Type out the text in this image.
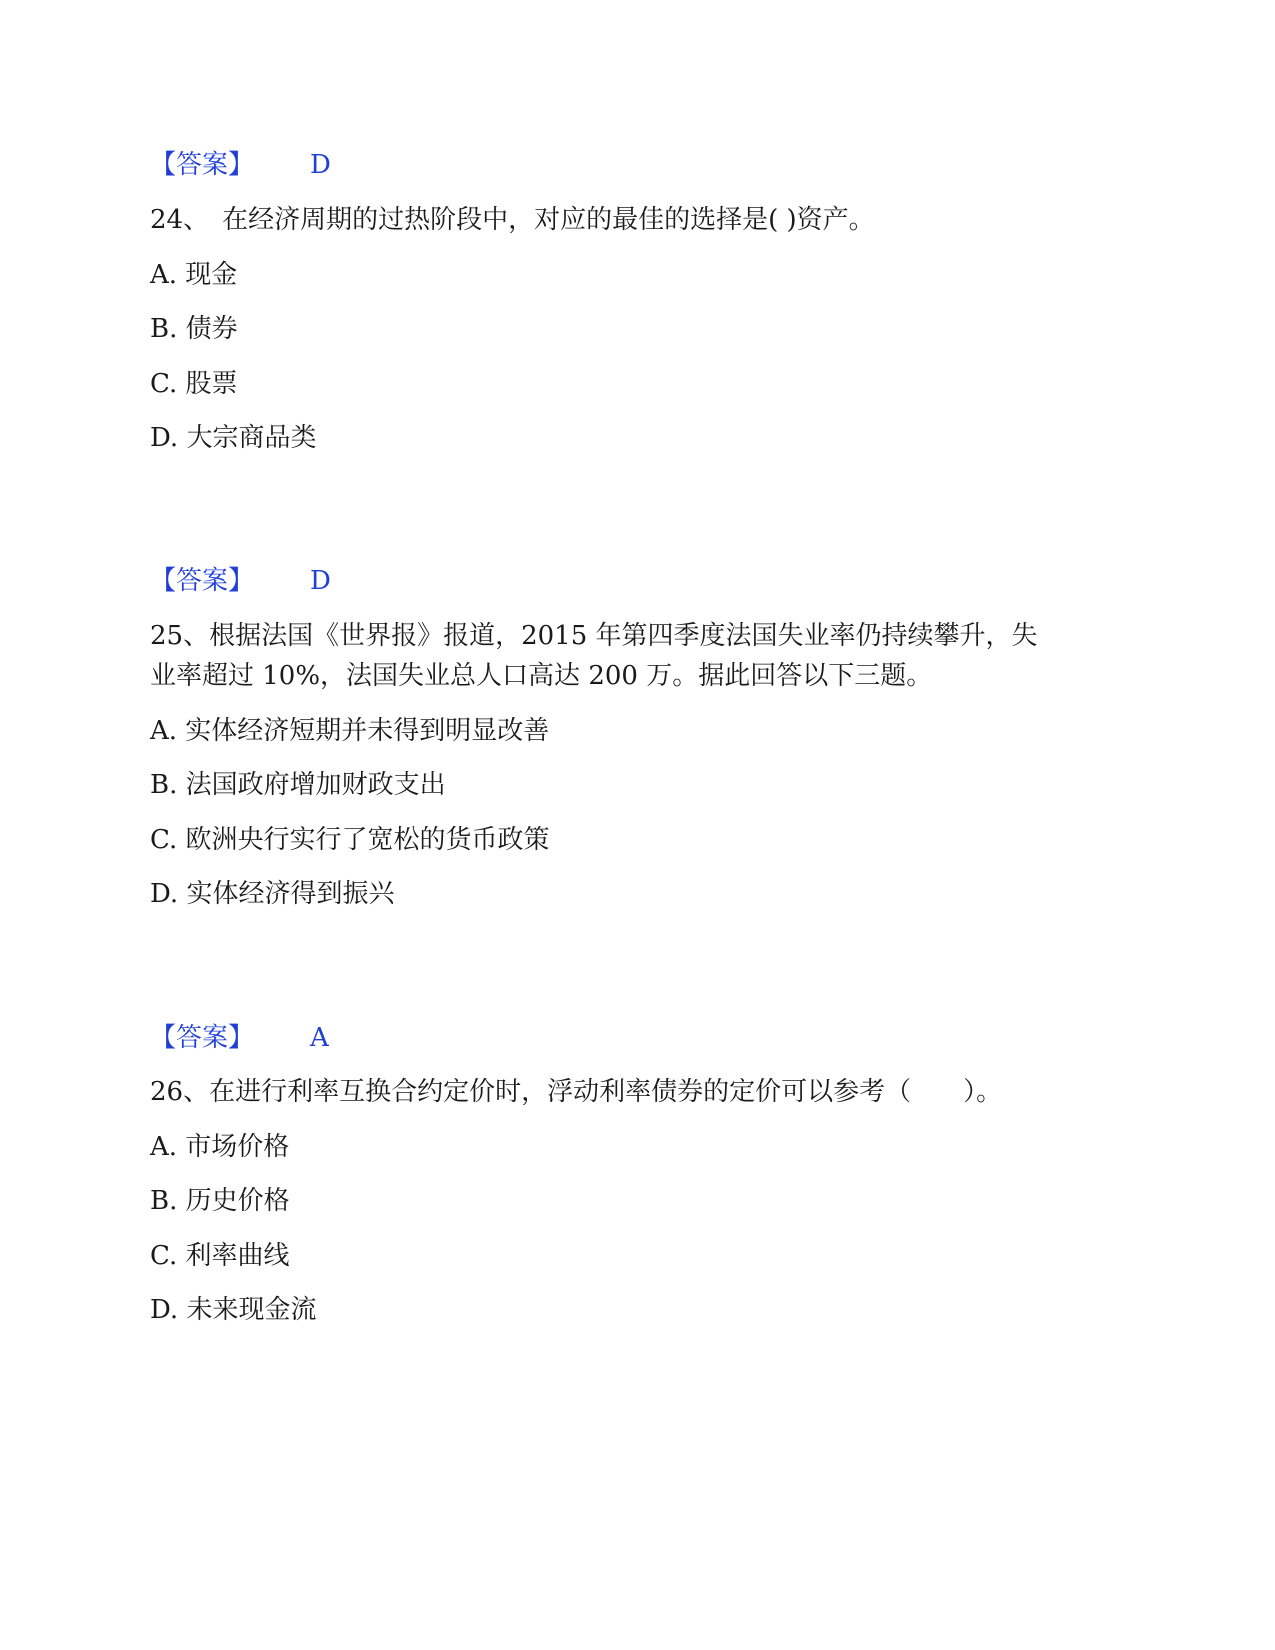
【答案】 D
24、　在经济周期的过热阶段中，对应的最佳的选择是( )资产。
A. 现金
B. 债券
C. 股票
D. 大宗商品类
【答案】 D
25、根据法国《世界报》报道，2015 年第四季度法国失业率仍持续攀升，失
业率超过 10%，法国失业总人口高达 200 万。据此回答以下三题。
A. 实体经济短期并未得到明显改善
B. 法国政府增加财政支出
C. 欧洲央行实行了宽松的货币政策
D. 实体经济得到振兴
【答案】 A
26、在进行利率互换合约定价时，浮动利率债券的定价可以参考（　　）。
A. 市场价格
B. 历史价格
C. 利率曲线
D. 未来现金流
